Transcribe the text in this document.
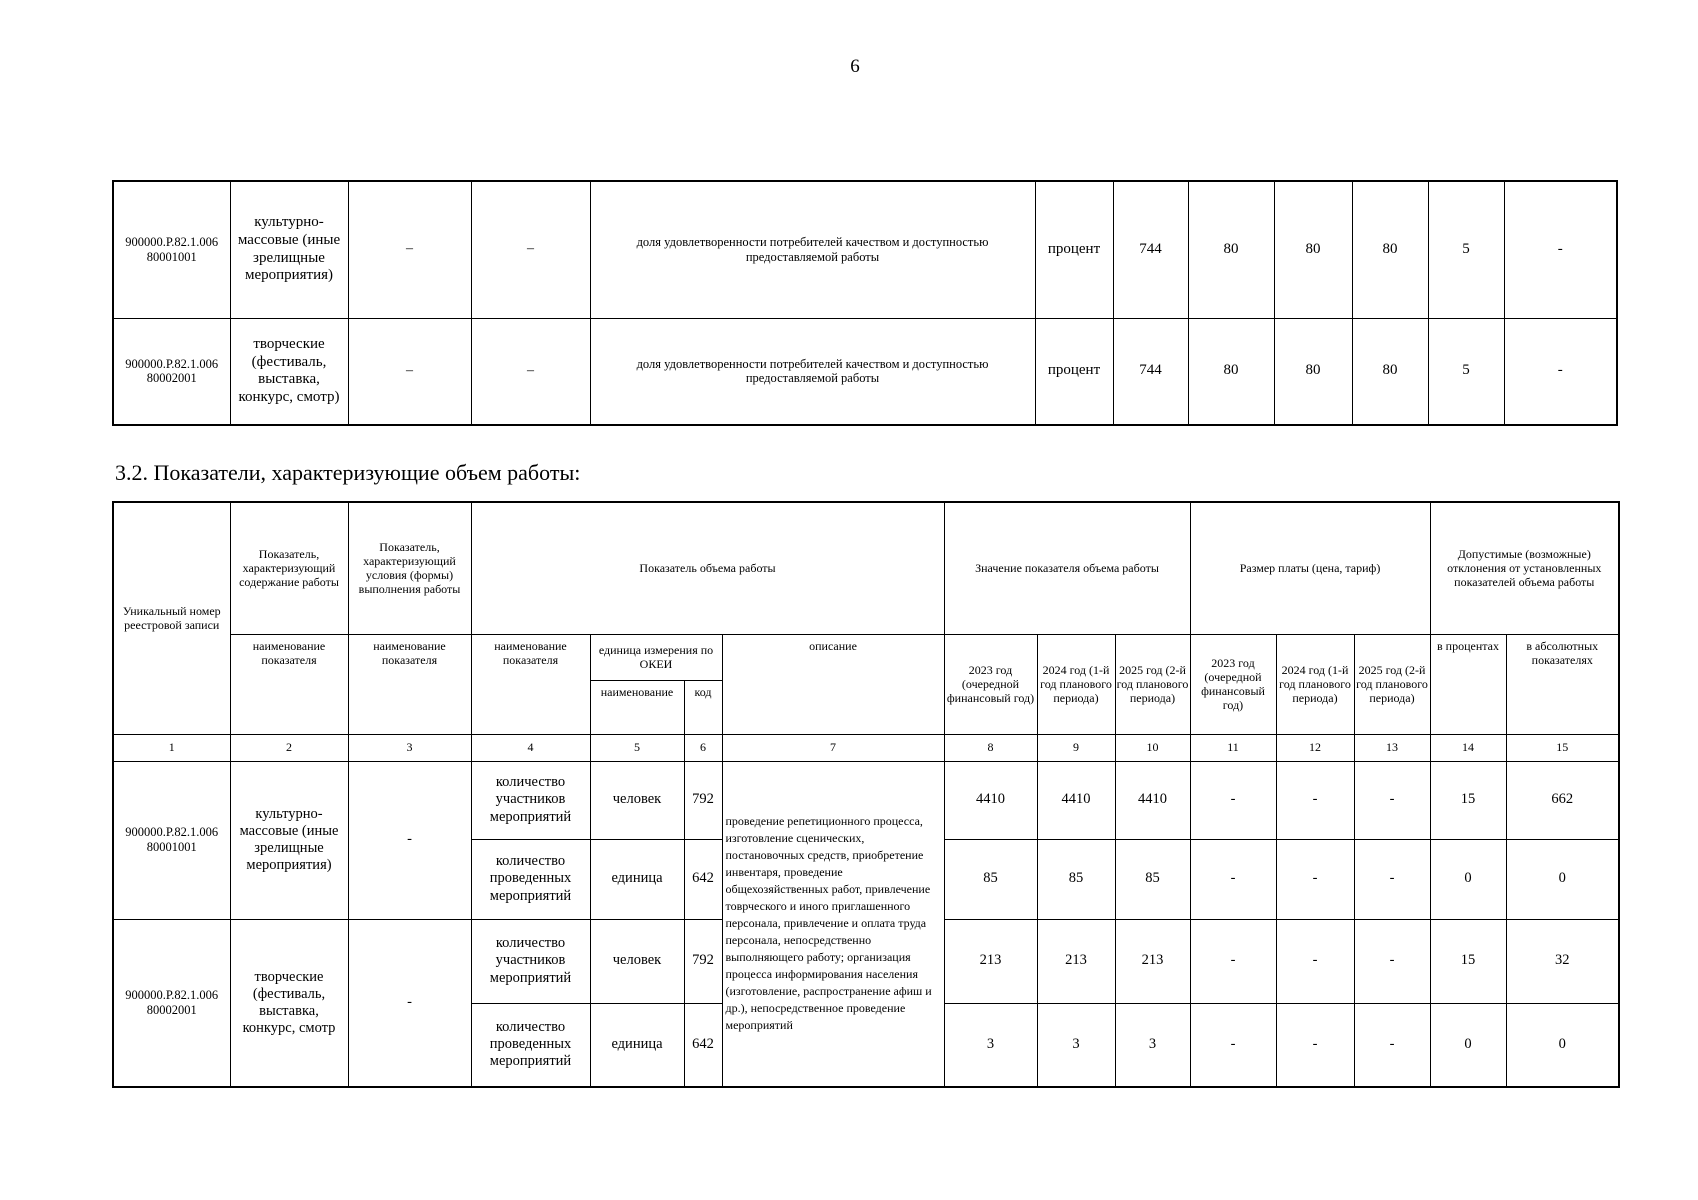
6
900000.Р.82.1.006 80001001	культурно-массовые (иные зрелищные мероприятия)	–	–	доля удовлетворенности потребителей качеством и доступностью предоставляемой работы	процент	744	80	80	80	5	-
900000.Р.82.1.006 80002001	творческие (фестиваль, выставка, конкурс, смотр)	–	–	доля удовлетворенности потребителей качеством и доступностью предоставляемой работы	процент	744	80	80	80	5	-
3.2. Показатели, характеризующие объем работы:
Уникальный номер реестровой записи	Показатель, характеризующий содержание работы	Показатель, характеризующий условия (формы) выполнения работы	Показатель объема работы				Значение показателя объема работы			Размер платы (цена, тариф)			Допустимые (возможные) отклонения от установленных показателей объема работы	
	наименование показателя	наименование показателя	наименование показателя	единица измерения по ОКЕИ		описание	2023 год (очередной финансовый год)	2024 год (1-й год планового периода)	2025 год (2-й год планового периода)	2023 год (очередной финансовый год)	2024 год (1-й год планового периода)	2025 год (2-й год планового периода)	в процентах	в абсолютных показателях
				наименование	код									
1	2	3	4	5	6	7	8	9	10	11	12	13	14	15
900000.Р.82.1.006 80001001	культурно-массовые (иные зрелищные мероприятия)	-	количество участников мероприятий	человек	792	проведение репетиционного процесса, изготовление сценических, постановочных средств, приобретение инвентаря, проведение общехозяйственных работ, привлечение товрческого и иного приглашенного персонала, привлечение и оплата труда персонала, непосредственно выполняющего работу; организация процесса информирования населения (изготовление, распространение афиш и др.), непосредственное проведение мероприятий	4410	4410	4410	-	-	-	15	662
			количество проведенных мероприятий	единица	642		85	85	85	-	-	-	0	0
900000.Р.82.1.006 80002001	творческие (фестиваль, выставка, конкурс, смотр	-	количество участников мероприятий	человек	792		213	213	213	-	-	-	15	32
			количество проведенных мероприятий	единица	642		3	3	3	-	-	-	0	0
